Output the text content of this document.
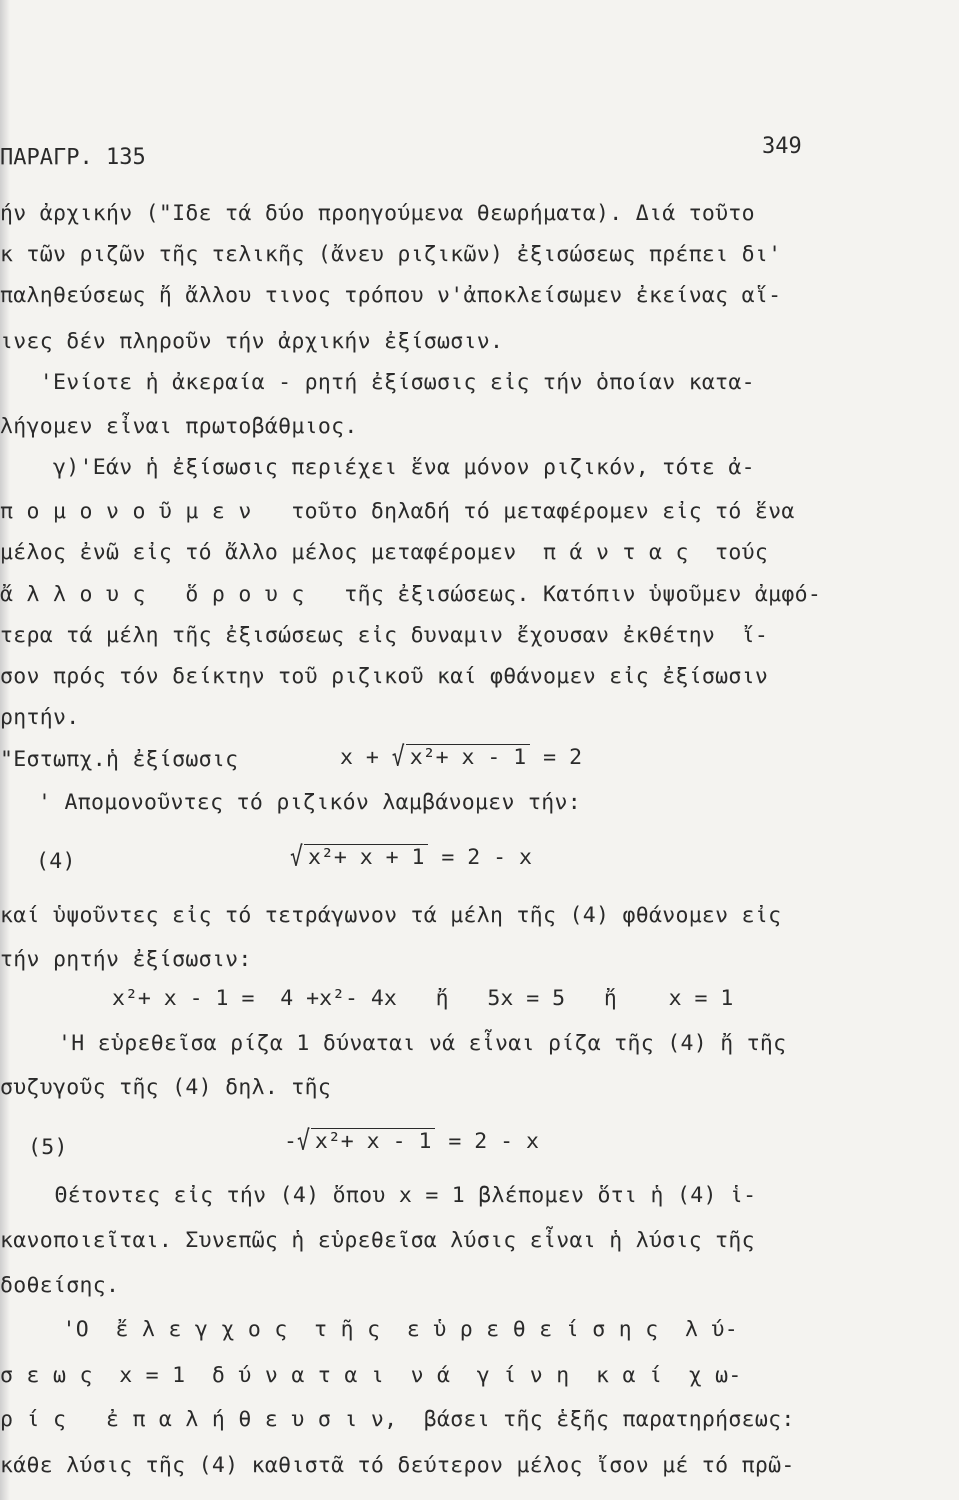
ΠΑΡΑΓΡ. 135	349
ήν ἀρχικήν ("Ιδε τά δύο προηγούμενα θεωρήματα). Διά τοῦτο
κ τῶν ριζῶν τῆς τελικῆς (ἄνευ ριζικῶν) ἐξισώσεως πρέπει δι'
παληθεύσεως ἤ ἄλλου τινος τρόπου ν'ἀποκλείσωμεν ἐκείνας αἵ-
ινες δέν πληροῦν τήν ἀρχικήν ἐξίσωσιν.
'Ενίοτε ἡ ἀκεραία - ρητή ἐξίσωσις εἰς τήν ὁποίαν κατα-
λήγομεν εἶναι πρωτοβάθμιος.
γ)'Εάν ἡ ἐξίσωσις περιέχει ἕνα μόνον ριζικόν, τότε ἀ-
π ο μ ο ν ο ῦ μ ε ν   τοῦτο δηλαδή τό μεταφέρομεν εἰς τό ἕνα
μέλος ἐνῶ εἰς τό ἄλλο μέλος μεταφέρομεν  π ά ν τ α ς  τούς
ἄ λ λ ο υ ς   ὅ ρ ο υ ς   τῆς ἐξισώσεως. Κατόπιν ὑψοῦμεν ἀμφό-
τερα τά μέλη τῆς ἐξισώσεως εἰς δυναμιν ἔχουσαν ἐκθέτην  ἴ-
σον πρός τόν δείκτην τοῦ ριζικοῦ καί φθάνομεν εἰς ἐξίσωσιν
ρητήν.
"Εστωπχ.ἡ ἐξίσωσις	x + √ x²+ x - 1 = 2
' Απομονοῦντες τό ριζικόν λαμβάνομεν τήν:
(4)	√ x²+ x + 1 = 2 - x
καί ὑψοῦντες εἰς τό τετράγωνον τά μέλη τῆς (4) φθάνομεν εἰς
τήν ρητήν ἐξίσωσιν:
x²+ x - 1 =  4 +x²- 4x   ἤ   5x = 5   ἤ    x = 1
'Η εὑρεθεῖσα ρίζα 1 δύναται νά εἶναι ρίζα τῆς (4) ἤ τῆς
συζυγοῦς τῆς (4) δηλ. τῆς
(5)	-√ x²+ x - 1 = 2 - x
Θέτοντες εἰς τήν (4) ὅπου x = 1 βλέπομεν ὅτι ἡ (4) ἱ-
κανοποιεῖται. Συνεπῶς ἡ εὑρεθεῖσα λύσις εἶναι ἡ λύσις τῆς
δοθείσης.
'Ο  ἔ λ ε γ χ ο ς  τ ῆ ς  ε ὑ ρ ε θ ε ί σ η ς  λ ύ-
σ ε ω ς  x = 1  δ ύ ν α τ α ι  ν ά  γ ί ν η  κ α ί  χ ω-
ρ ί ς   ἐ π α λ ή θ ε υ σ ι ν,  βάσει τῆς ἑξῆς παρατηρήσεως:
κάθε λύσις τῆς (4) καθιστᾶ τό δεύτερον μέλος ἴσον μέ τό πρῶ-
